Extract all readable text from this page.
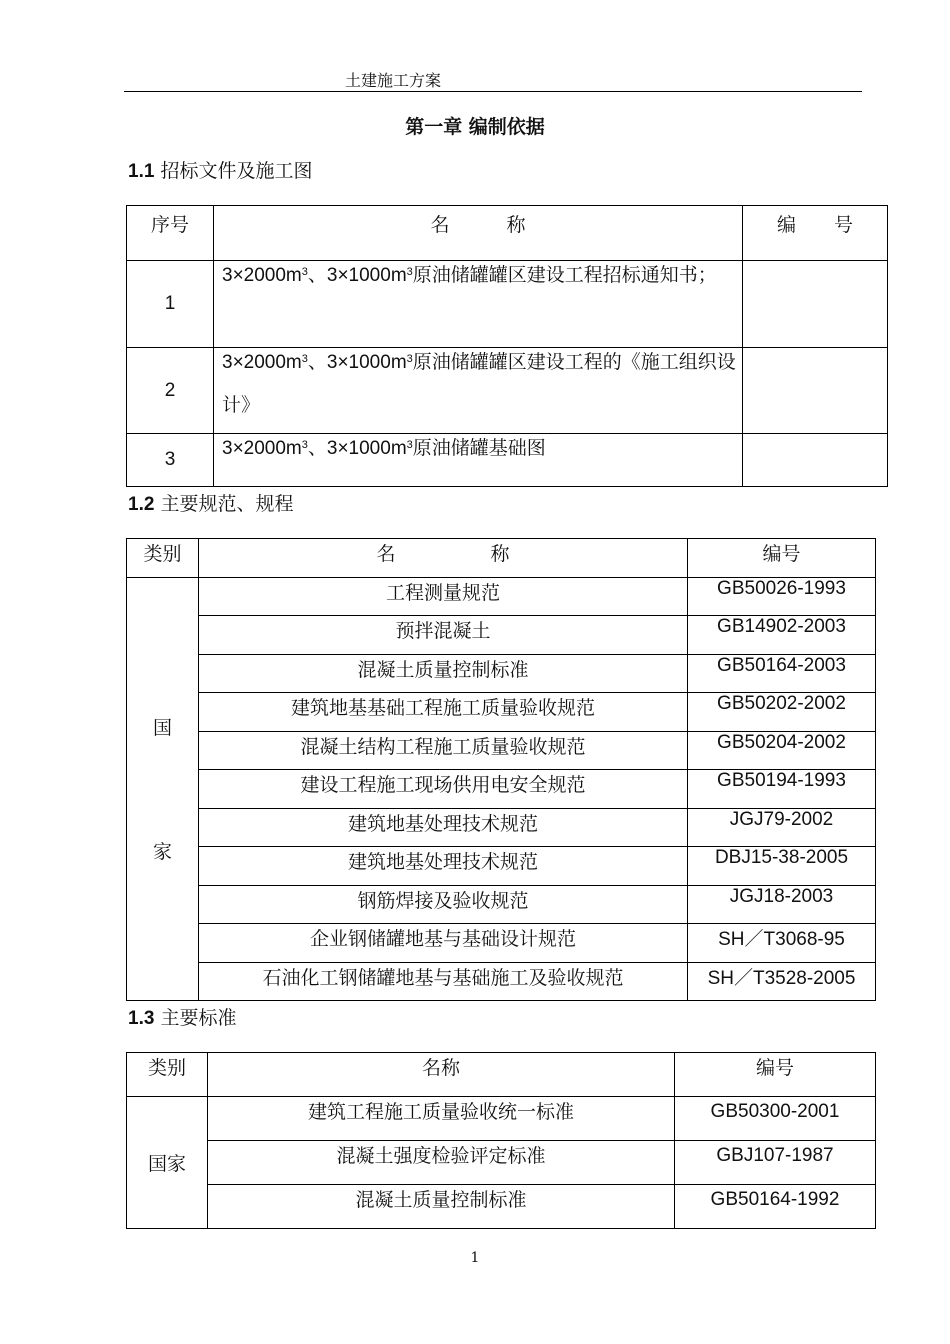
土建施工方案
第一章 编制依据
1.1 招标文件及施工图
序号	名　　　称	编　　号
1	$3\times 2000m^3$、$3\times 1000m^3$原油储罐罐区建设工程招标通知书；	

2	$3\times 2000m^3$、$3\times 1000m^3$原油储罐罐区建设工程的《施工组织设计》	

3	$3\times 2000m^3$、$3\times 1000m^3$原油储罐基础图	

1.2 主要规范、规程
类别	名　　　　　称	编号

国
家	工程测量规范	GB50026-1993
	预拌混凝土	GB14902-2003
	混凝土质量控制标准	GB50164-2003
	建筑地基基础工程施工质量验收规范	GB50202-2002
	混凝土结构工程施工质量验收规范	GB50204-2002
	建设工程施工现场供用电安全规范	GB50194-1993
	建筑地基处理技术规范	JGJ79-2002
	建筑地基处理技术规范	DBJ15-38-2005
	钢筋焊接及验收规范	JGJ18-2003
	企业钢储罐地基与基础设计规范	SH／T3068-95
	石油化工钢储罐地基与基础施工及验收规范	SH／T3528-2005
1.3 主要标准
类别	名称	编号
国家	建筑工程施工质量验收统一标准	GB50300-2001
	混凝土强度检验评定标准	GBJ107-1987
	混凝土质量控制标准	GB50164-1992
1
